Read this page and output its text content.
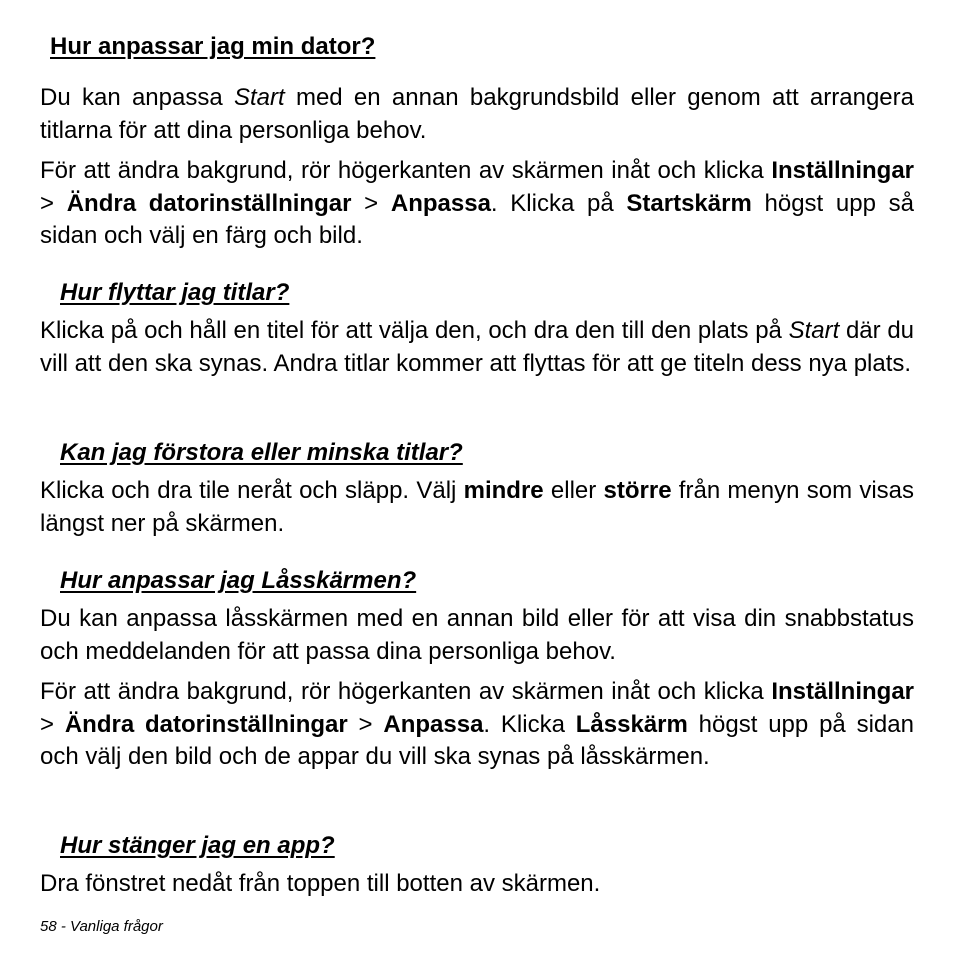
Hur anpassar jag min dator?

Du kan anpassa Start med en annan bakgrundsbild eller genom att arrangera titlarna för att dina personliga behov.

För att ändra bakgrund, rör högerkanten av skärmen inåt och klicka Inställningar > Ändra datorinställningar > Anpassa. Klicka på Startskärm högst upp så sidan och välj en färg och bild.

Hur flyttar jag titlar?

Klicka på och håll en titel för att välja den, och dra den till den plats på Start där du vill att den ska synas. Andra titlar kommer att flyttas för att ge titeln dess nya plats.

Kan jag förstora eller minska titlar?

Klicka och dra tile neråt och släpp. Välj mindre eller större från menyn som visas längst ner på skärmen.

Hur anpassar jag Låsskärmen?

Du kan anpassa låsskärmen med en annan bild eller för att visa din snabbstatus och meddelanden för att passa dina personliga behov.

För att ändra bakgrund, rör högerkanten av skärmen inåt och klicka Inställningar > Ändra datorinställningar > Anpassa. Klicka Låsskärm högst upp på sidan och välj den bild och de appar du vill ska synas på låsskärmen.

Hur stänger jag en app?

Dra fönstret nedåt från toppen till botten av skärmen.

58 - Vanliga frågor
